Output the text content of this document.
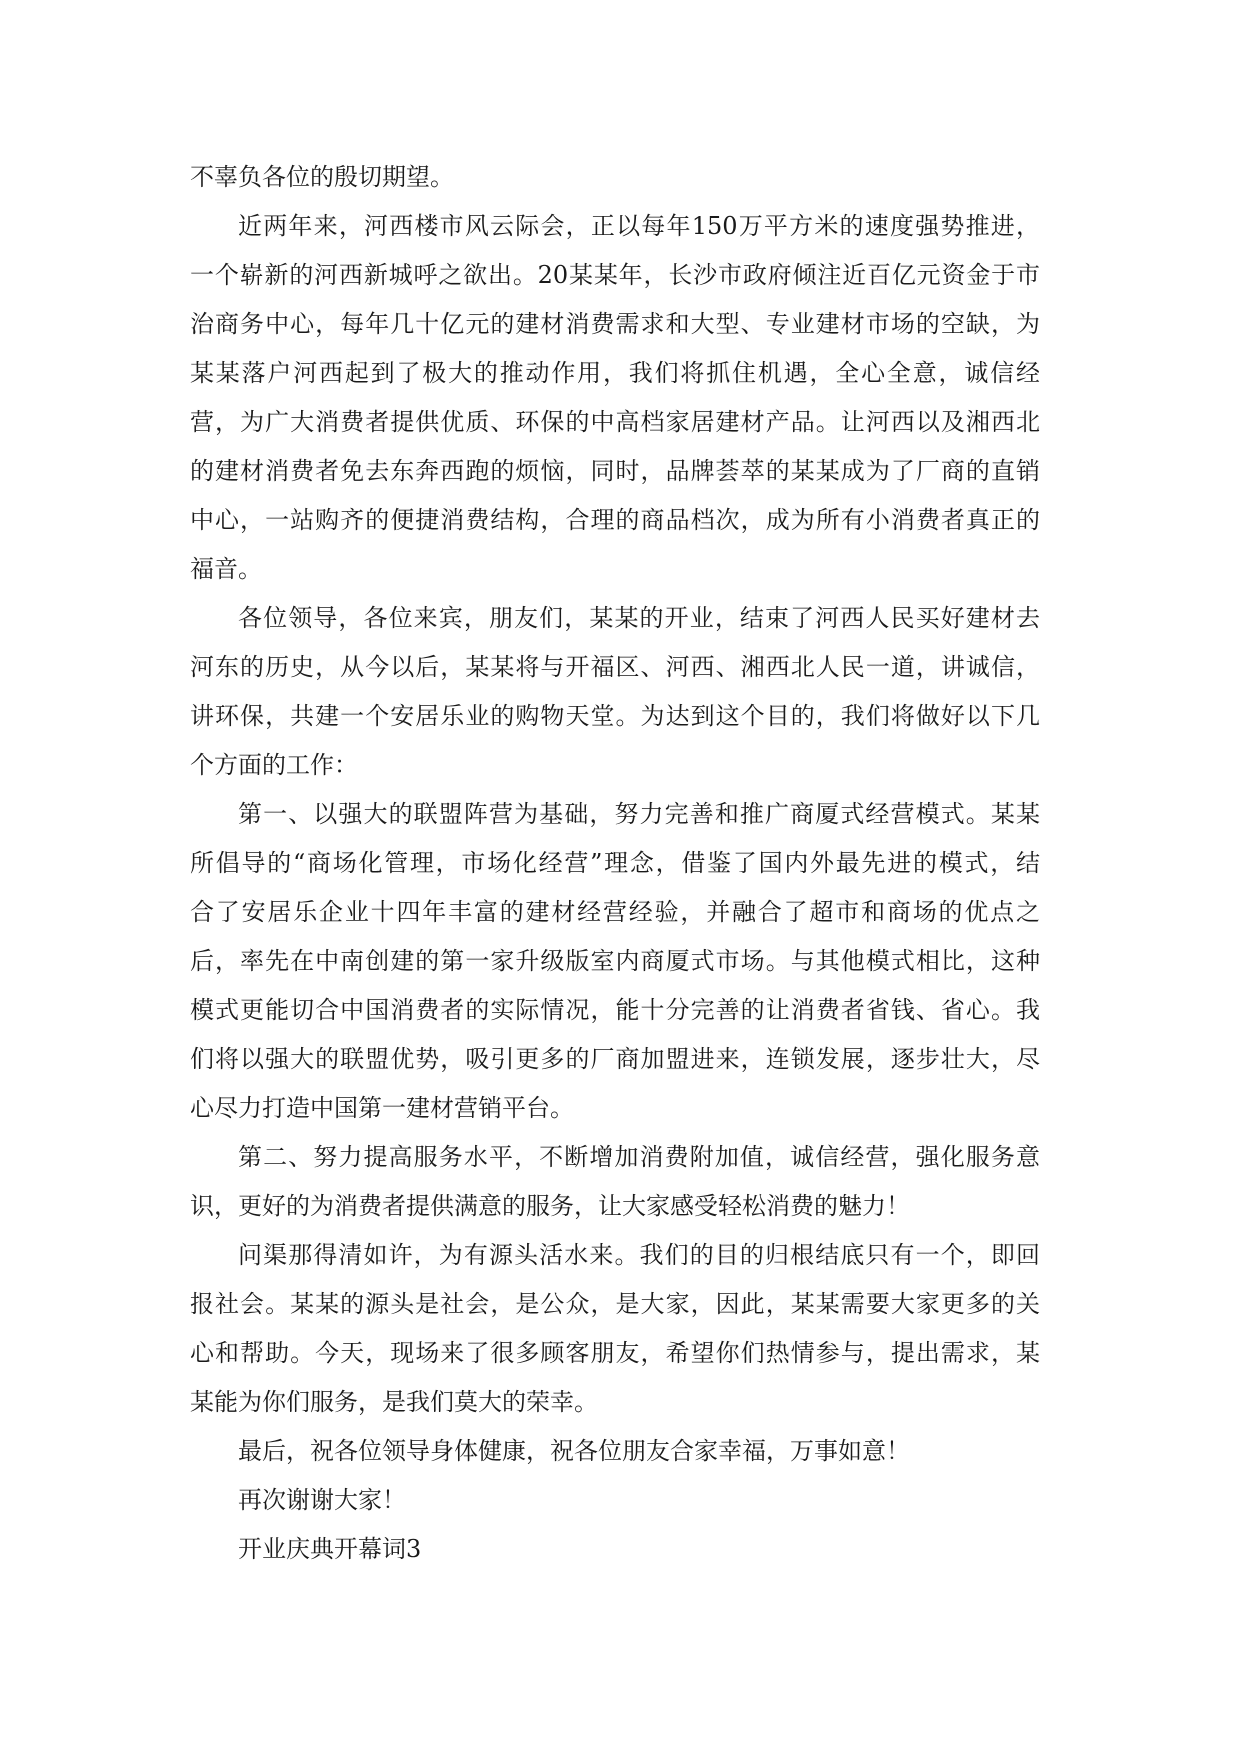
不辜负各位的殷切期望。
近两年来，河西楼市风云际会，正以每年150万平方米的速度强势推进，
一个崭新的河西新城呼之欲出。20某某年，长沙市政府倾注近百亿元资金于市
治商务中心，每年几十亿元的建材消费需求和大型、专业建材市场的空缺，为
某某落户河西起到了极大的推动作用，我们将抓住机遇，全心全意，诚信经
营，为广大消费者提供优质、环保的中高档家居建材产品。让河西以及湘西北
的建材消费者免去东奔西跑的烦恼，同时，品牌荟萃的某某成为了厂商的直销
中心，一站购齐的便捷消费结构，合理的商品档次，成为所有小消费者真正的
福音。
各位领导，各位来宾，朋友们，某某的开业，结束了河西人民买好建材去
河东的历史，从今以后，某某将与开福区、河西、湘西北人民一道，讲诚信，
讲环保，共建一个安居乐业的购物天堂。为达到这个目的，我们将做好以下几
个方面的工作：
第一、以强大的联盟阵营为基础，努力完善和推广商厦式经营模式。某某
所倡导的“商场化管理，市场化经营”理念，借鉴了国内外最先进的模式，结
合了安居乐企业十四年丰富的建材经营经验，并融合了超市和商场的优点之
后，率先在中南创建的第一家升级版室内商厦式市场。与其他模式相比，这种
模式更能切合中国消费者的实际情况，能十分完善的让消费者省钱、省心。我
们将以强大的联盟优势，吸引更多的厂商加盟进来，连锁发展，逐步壮大，尽
心尽力打造中国第一建材营销平台。
第二、努力提高服务水平，不断增加消费附加值，诚信经营，强化服务意
识，更好的为消费者提供满意的服务，让大家感受轻松消费的魅力！
问渠那得清如许，为有源头活水来。我们的目的归根结底只有一个，即回
报社会。某某的源头是社会，是公众，是大家，因此，某某需要大家更多的关
心和帮助。今天，现场来了很多顾客朋友，希望你们热情参与，提出需求，某
某能为你们服务，是我们莫大的荣幸。
最后，祝各位领导身体健康，祝各位朋友合家幸福，万事如意！
再次谢谢大家！
开业庆典开幕词3
